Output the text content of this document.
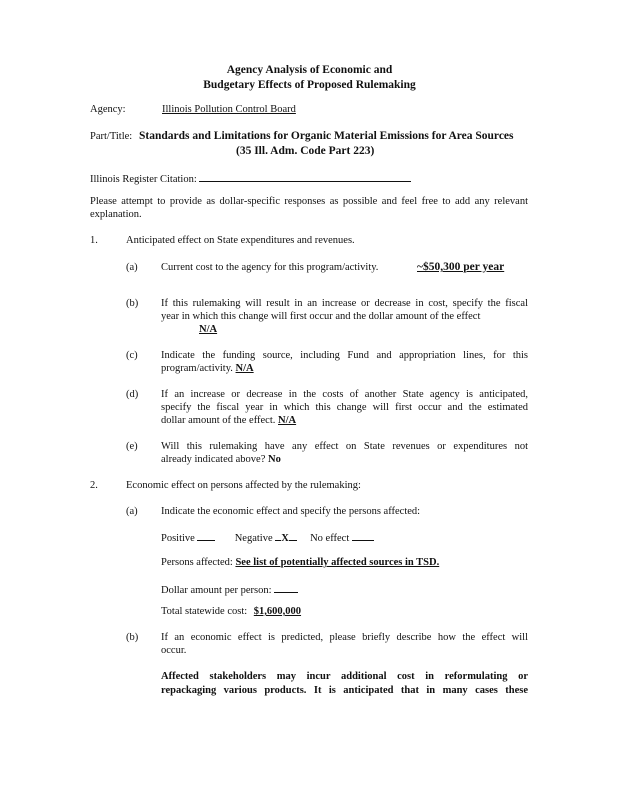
Agency Analysis of Economic and
Budgetary Effects of Proposed Rulemaking
Agency:	Illinois Pollution Control Board
Part/Title: Standards and Limitations for Organic Material Emissions for Area Sources
(35 Ill. Adm. Code Part 223)
Illinois Register Citation:
Please attempt to provide as dollar-specific responses as possible and feel free to add any relevant
explanation.
1.	Anticipated effect on State expenditures and revenues.
(a) Current cost to the agency for this program/activity.	~$50,300 per year
(b) If this rulemaking will result in an increase or decrease in cost, specify the fiscal
year in which this change will first occur and the dollar amount of the effect
N/A
(c) Indicate the funding source, including Fund and appropriation lines, for this
program/activity. N/A
(d) If an increase or decrease in the costs of another State agency is anticipated,
specify the fiscal year in which this change will first occur and the estimated
dollar amount of the effect. N/A
(e) Will this rulemaking have any effect on State revenues or expenditures not
already indicated above? No
2.	Economic effect on persons affected by the rulemaking:
(a) Indicate the economic effect and specify the persons affected:
Positive	Negative X No effect
Persons affected: See list of potentially affected sources in TSD.
Dollar amount per person:
Total statewide cost: $1,600,000
(b) If an economic effect is predicted, please briefly describe how the effect will
occur.
Affected stakeholders may incur additional cost in reformulating or
repackaging various products. It is anticipated that in many cases these
